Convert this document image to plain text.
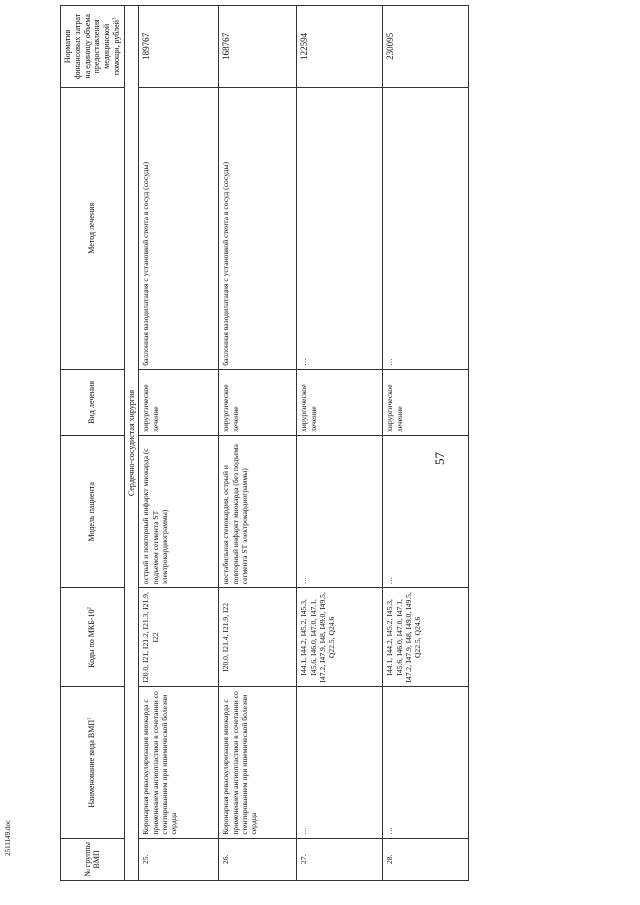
57
№ группы ВМП	Наименование вида ВМП$^1$	Коды по МКБ-$10^2$	Модель пациента	Вид лечения	Метод лечения	Норматив финансовых затрат на единицу объема предоставления медицинской помощи, рублей$^3$
Сердечно-сосудистая хирургия						
25.	Коронарная реваскуляризация миокарда с применением ангиопластики в сочетании со стентированием при ишемической болезни сердца	I20.0, I21, I21.2, I21.3, I21.9, I22	острый и повторный инфаркт миокарда (с подъемом сегмента ST электрокардиограммы)	хирургическое лечение	баллонная вазодилатация с установкой стента в сосуд (сосуды)	189767
26.	Коронарная реваскуляризация миокарда с применением ангиопластики в сочетании со стентированием при ишемической болезни сердца	I20.0, I21.4, I21.9, I22	нестабильная стенокардия, острый и повторный инфаркт миокарда (без подъема сегмента ST электрокардиограммы)	хирургическое лечение	баллонная вазодилатация с установкой стента в сосуд (сосуды)	168767
27.	…	I44.1, I44.2, I45.2, I45.3, I45.6, I46.0, I47.0, I47.1, I47.2, I47.9, I48, I49.0, I49.5, Q22.5, Q24.6	…	хирургическое лечение	…	122594
28.	…	I44.1, I44.2, I45.2, I45.3, I45.6, I46.0, I47.0, I47.1, I47.2, I47.9, I48, I49.0, I49.5, Q22.5, Q24.6	…	хирургическое лечение	…	230095
2511149.doc
